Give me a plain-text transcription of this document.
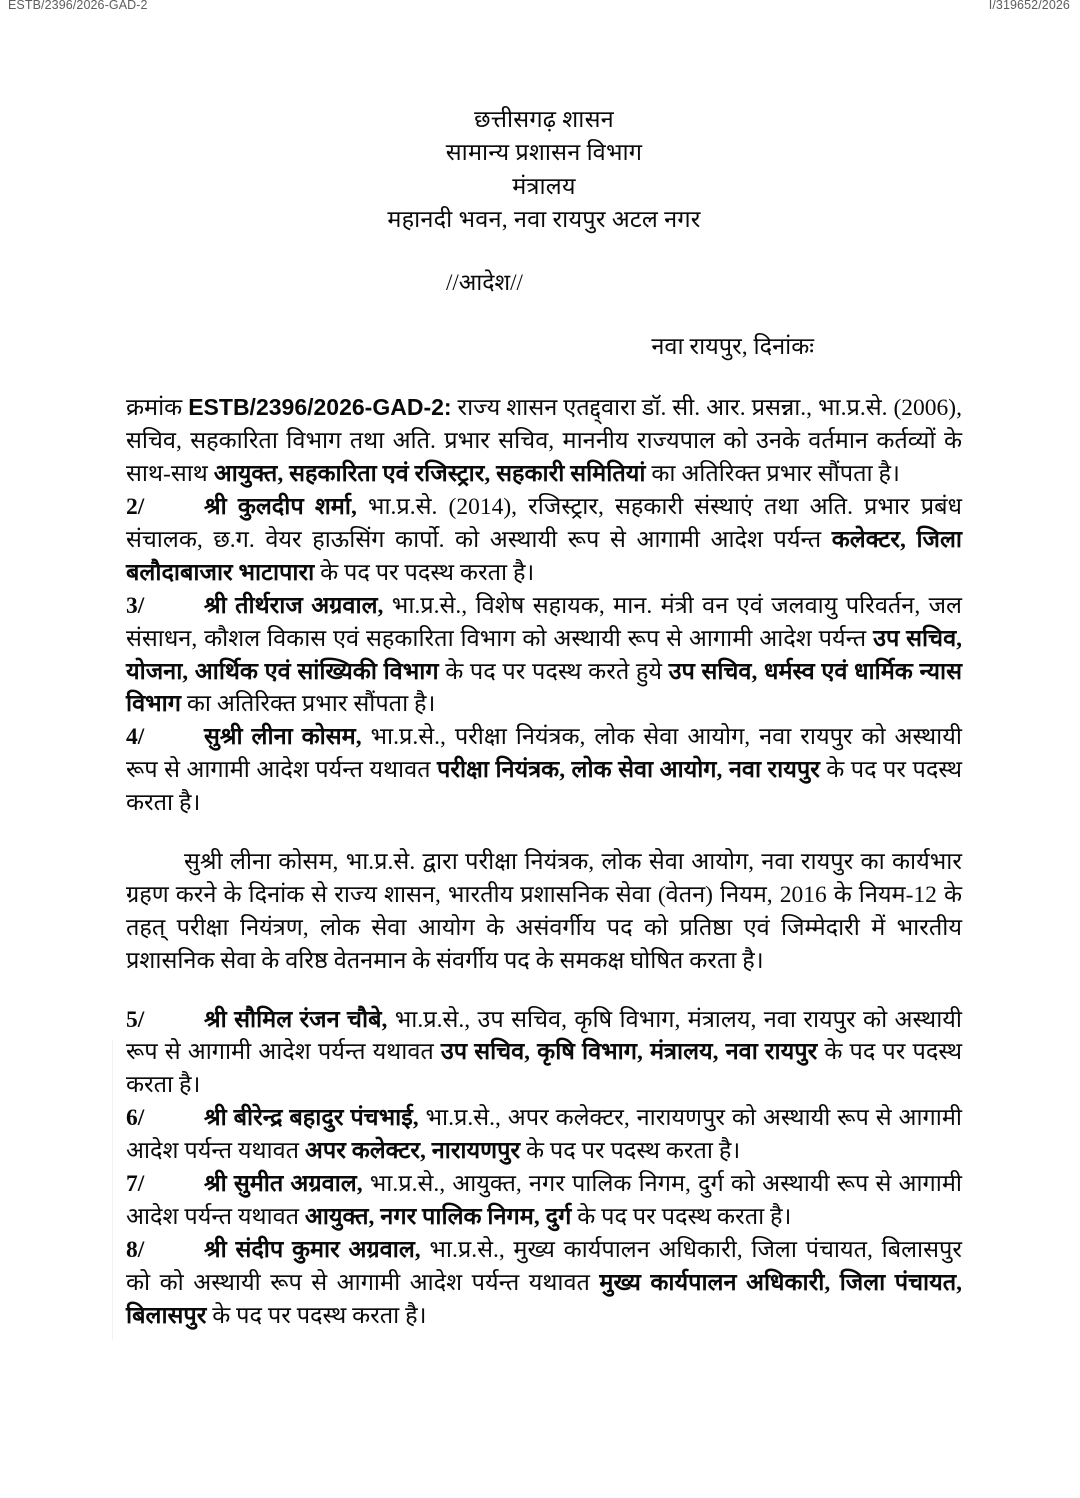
ESTB/2396/2026-GAD-2	I/319652/2026
छत्तीसगढ़ शासन
सामान्य प्रशासन विभाग
मंत्रालय
महानदी भवन, नवा रायपुर अटल नगर
//आदेश//
नवा रायपुर, दिनांकः
क्रमांक ESTB/2396/2026-GAD-2: राज्य शासन एतद्द्वारा डॉ. सी. आर. प्रसन्ना., भा.प्र.से. (2006), सचिव, सहकारिता विभाग तथा अति. प्रभार सचिव, माननीय राज्यपाल को उनके वर्तमान कर्तव्यों के साथ-साथ आयुक्त, सहकारिता एवं रजिस्ट्रार, सहकारी समितियां का अतिरिक्त प्रभार सौंपता है।
2/	श्री कुलदीप शर्मा, भा.प्र.से. (2014), रजिस्ट्रार, सहकारी संस्थाएं तथा अति. प्रभार प्रबंध संचालक, छ.ग. वेयर हाऊसिंग कार्पो. को अस्थायी रूप से आगामी आदेश पर्यन्त कलेक्टर, जिला बलौदाबाजार भाटापारा के पद पर पदस्थ करता है।
3/	श्री तीर्थराज अग्रवाल, भा.प्र.से., विशेष सहायक, मान. मंत्री वन एवं जलवायु परिवर्तन, जल संसाधन, कौशल विकास एवं सहकारिता विभाग को अस्थायी रूप से आगामी आदेश पर्यन्त उप सचिव, योजना, आर्थिक एवं सांख्यिकी विभाग के पद पर पदस्थ करते हुये उप सचिव, धर्मस्व एवं धार्मिक न्यास विभाग का अतिरिक्त प्रभार सौंपता है।
4/	सुश्री लीना कोसम, भा.प्र.से., परीक्षा नियंत्रक, लोक सेवा आयोग, नवा रायपुर को अस्थायी रूप से आगामी आदेश पर्यन्त यथावत परीक्षा नियंत्रक, लोक सेवा आयोग, नवा रायपुर के पद पर पदस्थ करता है।
सुश्री लीना कोसम, भा.प्र.से. द्वारा परीक्षा नियंत्रक, लोक सेवा आयोग, नवा रायपुर का कार्यभार ग्रहण करने के दिनांक से राज्य शासन, भारतीय प्रशासनिक सेवा (वेतन) नियम, 2016 के नियम-12 के तहत् परीक्षा नियंत्रण, लोक सेवा आयोग के असंवर्गीय पद को प्रतिष्ठा एवं जिम्मेदारी में भारतीय प्रशासनिक सेवा के वरिष्ठ वेतनमान के संवर्गीय पद के समकक्ष घोषित करता है।
5/	श्री सौमिल रंजन चौबे, भा.प्र.से., उप सचिव, कृषि विभाग, मंत्रालय, नवा रायपुर को अस्थायी रूप से आगामी आदेश पर्यन्त यथावत उप सचिव, कृषि विभाग, मंत्रालय, नवा रायपुर के पद पर पदस्थ करता है।
6/	श्री बीरेन्द्र बहादुर पंचभाई, भा.प्र.से., अपर कलेक्टर, नारायणपुर को अस्थायी रूप से आगामी आदेश पर्यन्त यथावत अपर कलेक्टर, नारायणपुर के पद पर पदस्थ करता है।
7/	श्री सुमीत अग्रवाल, भा.प्र.से., आयुक्त, नगर पालिक निगम, दुर्ग को अस्थायी रूप से आगामी आदेश पर्यन्त यथावत आयुक्त, नगर पालिक निगम, दुर्ग के पद पर पदस्थ करता है।
8/	श्री संदीप कुमार अग्रवाल, भा.प्र.से., मुख्य कार्यपालन अधिकारी, जिला पंचायत, बिलासपुर को को अस्थायी रूप से आगामी आदेश पर्यन्त यथावत मुख्य कार्यपालन अधिकारी, जिला पंचायत, बिलासपुर के पद पर पदस्थ करता है।
